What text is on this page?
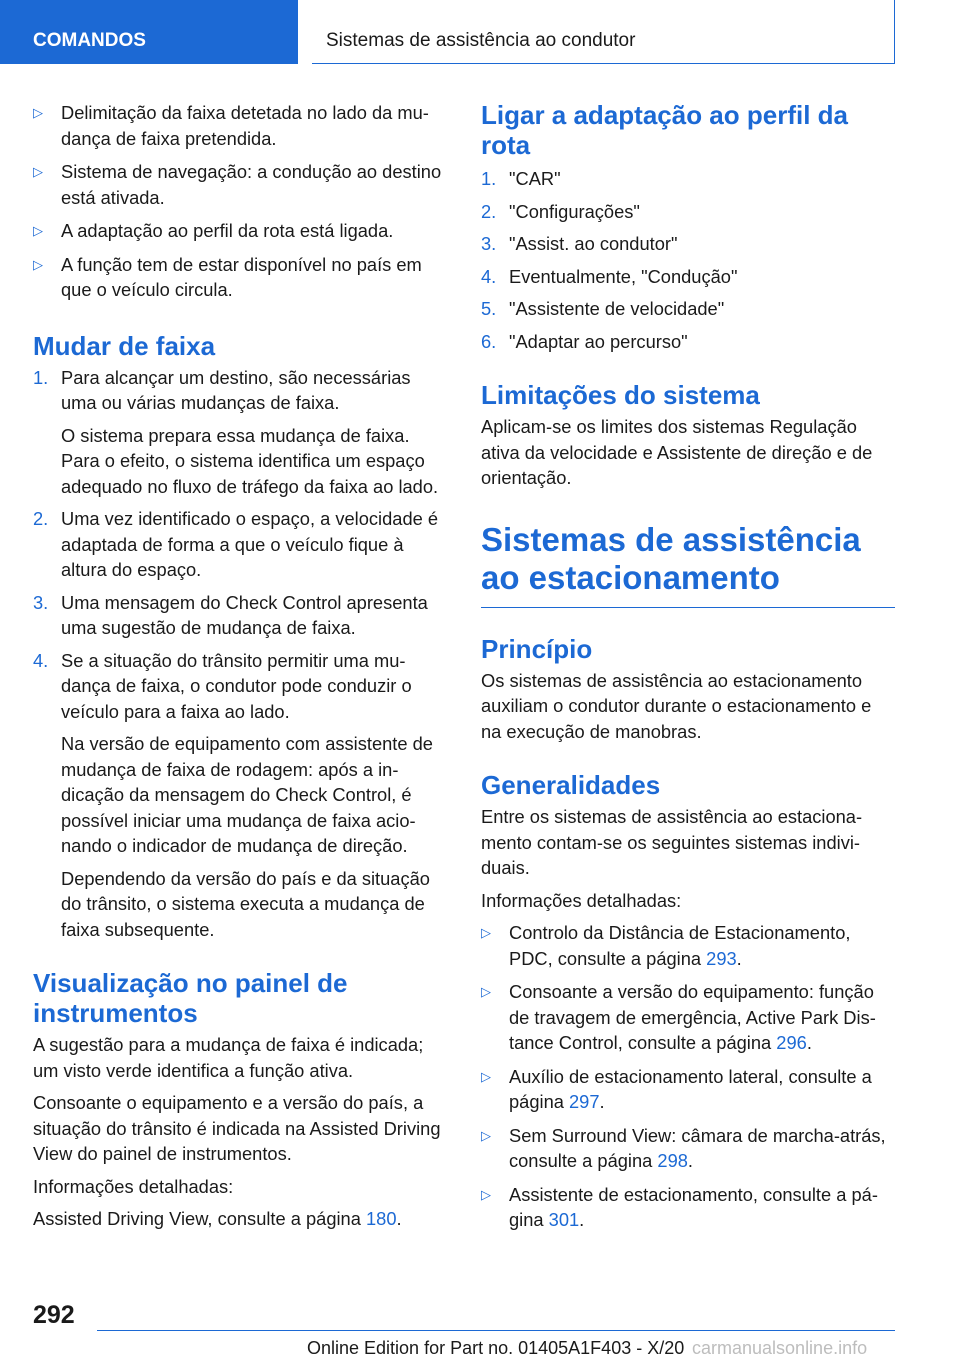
COMANDOS	Sistemas de assistência ao condutor
▷ Delimitação da faixa detetada no lado da mudança de faixa pretendida.
▷ Sistema de navegação: a condução ao destino está ativada.
▷ A adaptação ao perfil da rota está ligada.
▷ A função tem de estar disponível no país em que o veículo circula.
Mudar de faixa
1. Para alcançar um destino, são necessárias uma ou várias mudanças de faixa.
O sistema prepara essa mudança de faixa. Para o efeito, o sistema identifica um espaço adequado no fluxo de tráfego da faixa ao lado.
2. Uma vez identificado o espaço, a velocidade é adaptada de forma a que o veículo fique à altura do espaço.
3. Uma mensagem do Check Control apresenta uma sugestão de mudança de faixa.
4. Se a situação do trânsito permitir uma mudança de faixa, o condutor pode conduzir o veículo para a faixa ao lado.
Na versão de equipamento com assistente de mudança de faixa de rodagem: após a indicação da mensagem do Check Control, é possível iniciar uma mudança de faixa acionando o indicador de mudança de direção.
Dependendo da versão do país e da situação do trânsito, o sistema executa a mudança de faixa subsequente.
Visualização no painel de instrumentos
A sugestão para a mudança de faixa é indicada; um visto verde identifica a função ativa.
Consoante o equipamento e a versão do país, a situação do trânsito é indicada na Assisted Driving View do painel de instrumentos.
Informações detalhadas:
Assisted Driving View, consulte a página 180.
Ligar a adaptação ao perfil da rota
1. "CAR"
2. "Configurações"
3. "Assist. ao condutor"
4. Eventualmente, "Condução"
5. "Assistente de velocidade"
6. "Adaptar ao percurso"
Limitações do sistema
Aplicam-se os limites dos sistemas Regulação ativa da velocidade e Assistente de direção e de orientação.
Sistemas de assistência ao estacionamento
Princípio
Os sistemas de assistência ao estacionamento auxiliam o condutor durante o estacionamento e na execução de manobras.
Generalidades
Entre os sistemas de assistência ao estacionamento contam-se os seguintes sistemas individuais.
Informações detalhadas:
▷ Controlo da Distância de Estacionamento, PDC, consulte a página 293.
▷ Consoante a versão do equipamento: função de travagem de emergência, Active Park Distance Control, consulte a página 296.
▷ Auxílio de estacionamento lateral, consulte a página 297.
▷ Sem Surround View: câmara de marcha-atrás, consulte a página 298.
▷ Assistente de estacionamento, consulte a página 301.
292
Online Edition for Part no. 01405A1F403 - X/20 carmanualsonline.info
